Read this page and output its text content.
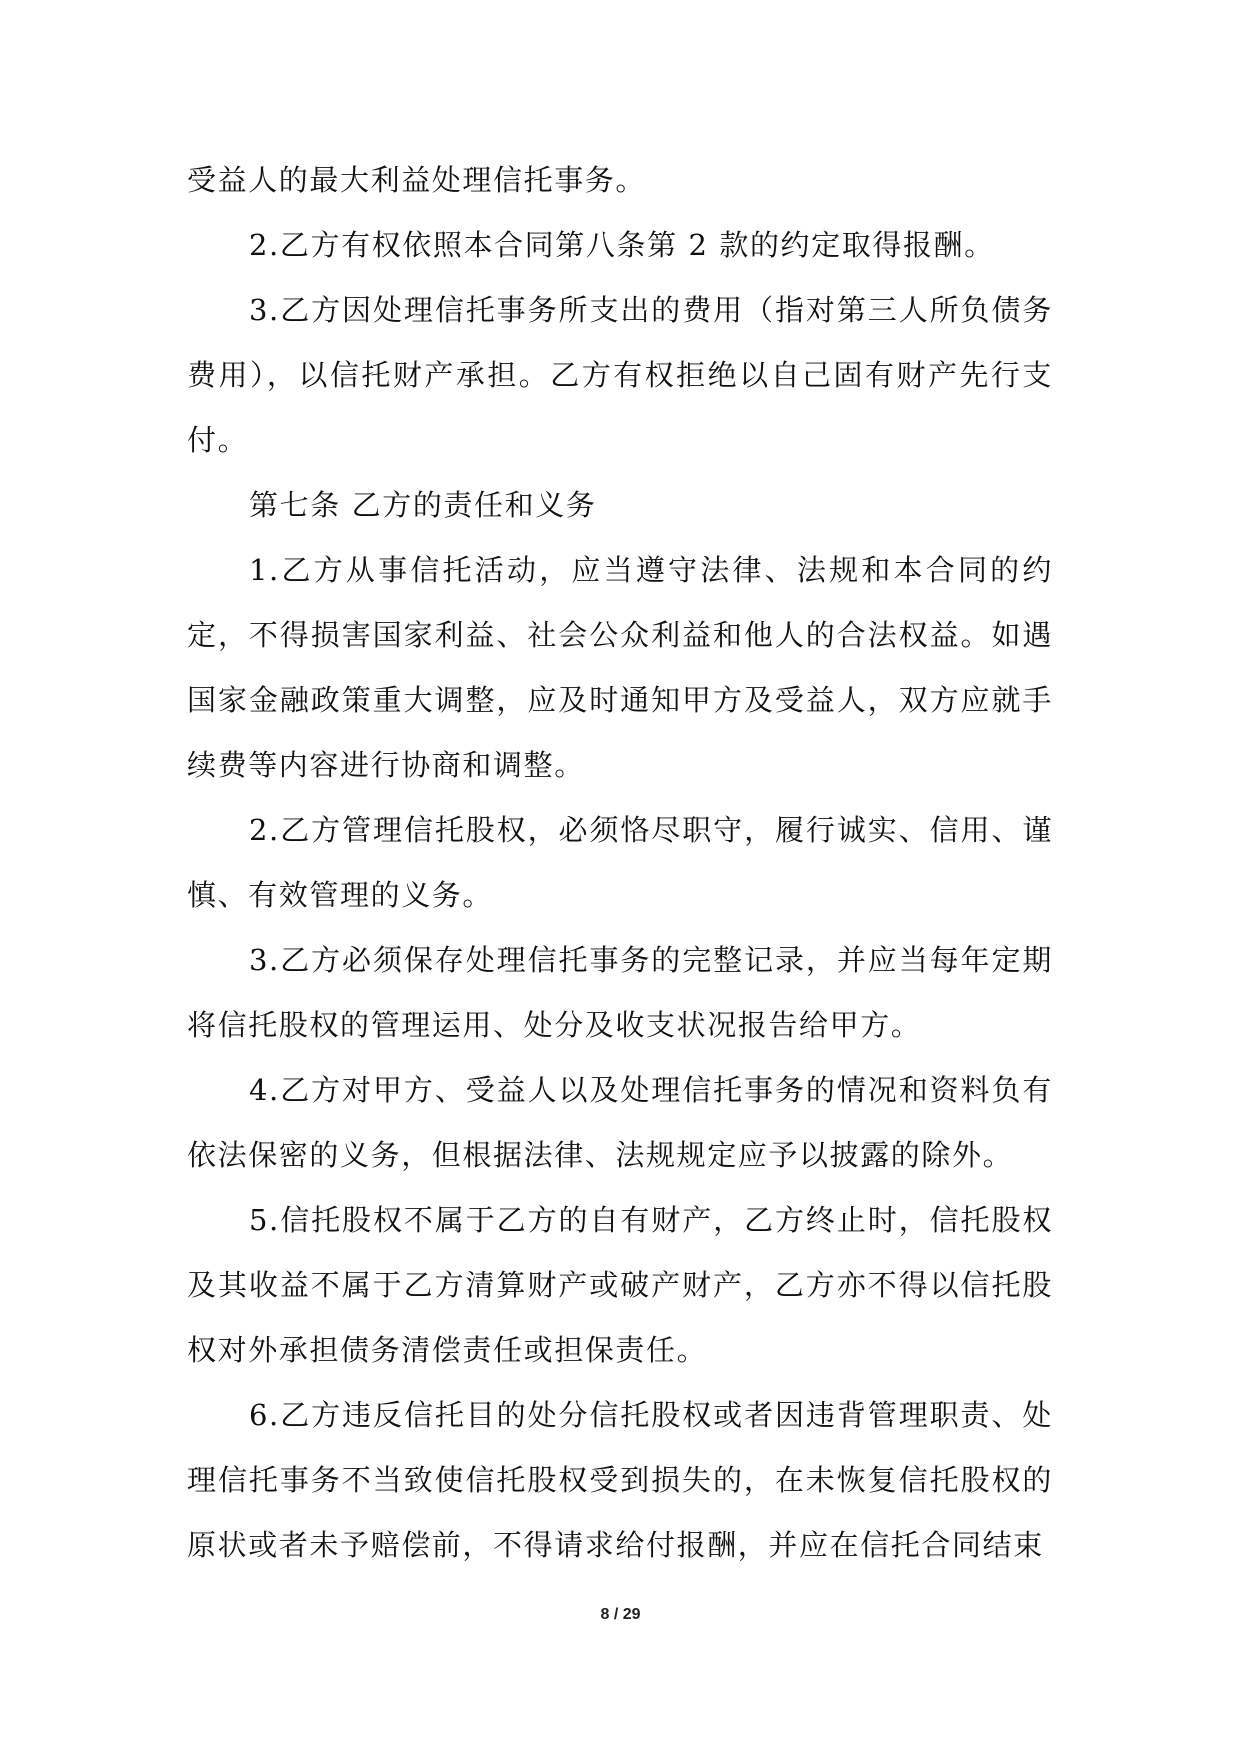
受益人的最大利益处理信托事务。

2.乙方有权依照本合同第八条第 2 款的约定取得报酬。

3.乙方因处理信托事务所支出的费用（指对第三人所负债务费用），以信托财产承担。乙方有权拒绝以自己固有财产先行支付。

第七条 乙方的责任和义务

1.乙方从事信托活动，应当遵守法律、法规和本合同的约定，不得损害国家利益、社会公众利益和他人的合法权益。如遇国家金融政策重大调整，应及时通知甲方及受益人，双方应就手续费等内容进行协商和调整。

2.乙方管理信托股权，必须恪尽职守，履行诚实、信用、谨慎、有效管理的义务。

3.乙方必须保存处理信托事务的完整记录，并应当每年定期将信托股权的管理运用、处分及收支状况报告给甲方。

4.乙方对甲方、受益人以及处理信托事务的情况和资料负有依法保密的义务，但根据法律、法规规定应予以披露的除外。

5.信托股权不属于乙方的自有财产，乙方终止时，信托股权及其收益不属于乙方清算财产或破产财产，乙方亦不得以信托股权对外承担债务清偿责任或担保责任。

6.乙方违反信托目的处分信托股权或者因违背管理职责、处理信托事务不当致使信托股权受到损失的，在未恢复信托股权的原状或者未予赔偿前，不得请求给付报酬，并应在信托合同结束

8 / 29
